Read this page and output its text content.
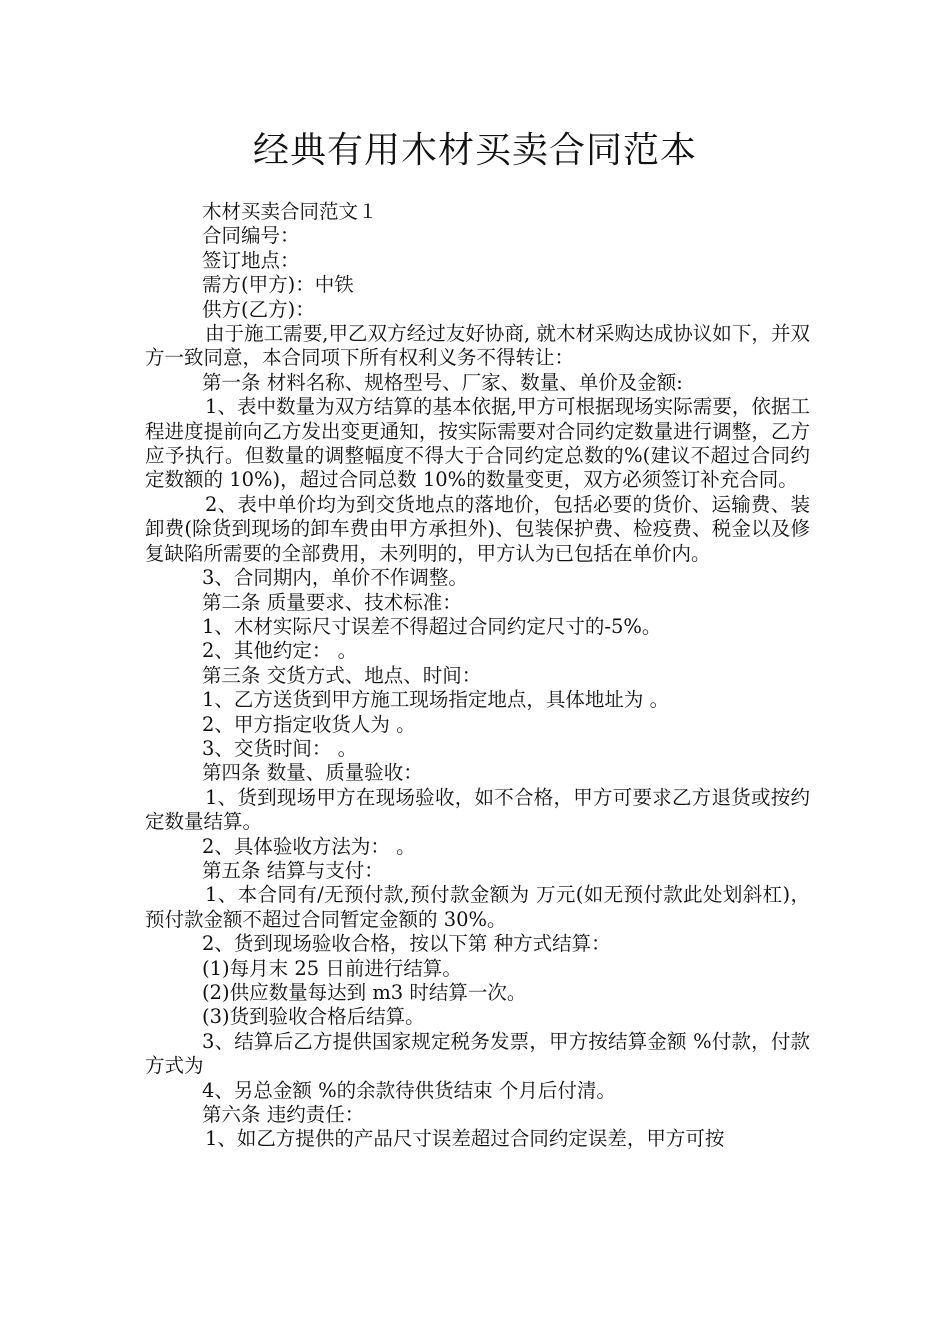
经典有用木材买卖合同范本

木材买卖合同范文１

合同编号：

签订地点：

需方(甲方)：中铁

供方(乙方)：

由于施工需要,甲乙双方经过友好协商, 就木材采购达成协议如下，并双方一致同意，本合同项下所有权利义务不得转让：

第一条 材料名称、规格型号、厂家、数量、单价及金额:

1、表中数量为双方结算的基本依据,甲方可根据现场实际需要，依据工程进度提前向乙方发出变更通知，按实际需要对合同约定数量进行调整，乙方应予执行。但数量的调整幅度不得大于合同约定总数的%(建议不超过合同约定数额的 10%)，超过合同总数 10%的数量变更，双方必须签订补充合同。

2、表中单价均为到交货地点的落地价，包括必要的货价、运输费、装卸费(除货到现场的卸车费由甲方承担外)、包装保护费、检疫费、税金以及修复缺陷所需要的全部费用，未列明的，甲方认为已包括在单价内。

3、合同期内，单价不作调整。

第二条 质量要求、技术标准：

1、木材实际尺寸误差不得超过合同约定尺寸的-5%。

2、其他约定： 。

第三条 交货方式、地点、时间：

1、乙方送货到甲方施工现场指定地点，具体地址为 。

2、甲方指定收货人为 。

3、交货时间： 。

第四条 数量、质量验收：

1、货到现场甲方在现场验收，如不合格，甲方可要求乙方退货或按约定数量结算。

2、具体验收方法为： 。

第五条 结算与支付：

1、本合同有/无预付款,预付款金额为 万元(如无预付款此处划斜杠)，预付款金额不超过合同暂定金额的 30%。

2、货到现场验收合格，按以下第 种方式结算：

(1)每月末 25 日前进行结算。

(2)供应数量每达到 m3 时结算一次。

(3)货到验收合格后结算。

3、结算后乙方提供国家规定税务发票，甲方按结算金额 %付款，付款方式为

4、另总金额 %的余款待供货结束 个月后付清。

第六条 违约责任：

1、如乙方提供的产品尺寸误差超过合同约定误差，甲方可按
